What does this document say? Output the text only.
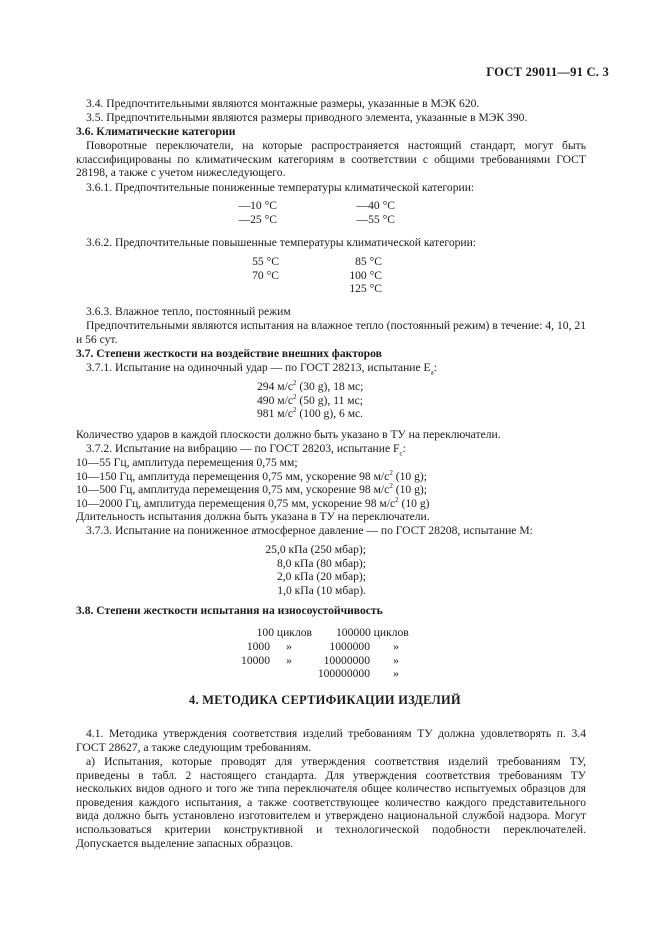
ГОСТ 29011—91 С. 3
3.4. Предпочтительными являются монтажные размеры, указанные в МЭК 620.
3.5. Предпочтительными являются размеры приводного элемента, указанные в МЭК 390.
3.6. Климатические категории
Поворотные переключатели, на которые распространяется настоящий стандарт, могут быть классифицированы по климатическим категориям в соответствии с общими требованиями ГОСТ 28198, а также с учетом нижеследующего.
3.6.1. Предпочтительные пониженные температуры климатической категории:
—10 °С
—25 °С
—40 °С
—55 °С
3.6.2. Предпочтительные повышенные температуры климатической категории:
55 °С
70 °С
85 °С
100 °С
125 °С
3.6.3. Влажное тепло, постоянный режим
Предпочтительными являются испытания на влажное тепло (постоянный режим) в течение: 4, 10, 21 и 56 сут.
3.7. Степени жесткости на воздействие внешних факторов
3.7.1. Испытание на одиночный удар — по ГОСТ 28213, испытание $E_a$:
294 $м/с^2$ (30 g), 18 мс;
490 $м/с^2$ (50 g), 11 мс;
981 $м/с^2$ (100 g), 6 мс.
Количество ударов в каждой плоскости должно быть указано в ТУ на переключатели.
3.7.2. Испытание на вибрацию — по ГОСТ 28203, испытание $F_c$:
10—55 Гц, амплитуда перемещения 0,75 мм;
10—150 Гц, амплитуда перемещения 0,75 мм, ускорение 98 $м/с^2$ (10 g);
10—500 Гц, амплитуда перемещения 0,75 мм, ускорение 98 $м/с^2$ (10 g);
10—2000 Гц, амплитуда перемещения 0,75 мм, ускорение 98 $м/с^2$ (10 g)
Длительность испытания должна быть указана в ТУ на переключатели.
3.7.3. Испытание на пониженное атмосферное давление — по ГОСТ 28208, испытание М:
25,0 кПа (250 мбар);
8,0 кПа (80 мбар);
2,0 кПа (20 мбар);
1,0 кПа (10 мбар).
3.8. Степени жесткости испытания на износоустойчивость
100 циклов
1000
10000
»
»
100000 циклов
1000000
10000000
100000000
»
»
»
4. МЕТОДИКА СЕРТИФИКАЦИИ ИЗДЕЛИЙ
4.1. Методика утверждения соответствия изделий требованиям ТУ должна удовлетворять п. 3.4 ГОСТ 28627, а также следующим требованиям.
а) Испытания, которые проводят для утверждения соответствия изделий требованиям ТУ, приведены в табл. 2 настоящего стандарта. Для утверждения соответствия требованиям ТУ нескольких видов одного и того же типа переключателя общее количество испытуемых образцов для проведения каждого испытания, а также соответствующее количество каждого представительного вида должно быть установлено изготовителем и утверждено национальной службой надзора. Могут использоваться критерии конструктивной и технологической подобности переключателей. Допускается выделение запасных образцов.
